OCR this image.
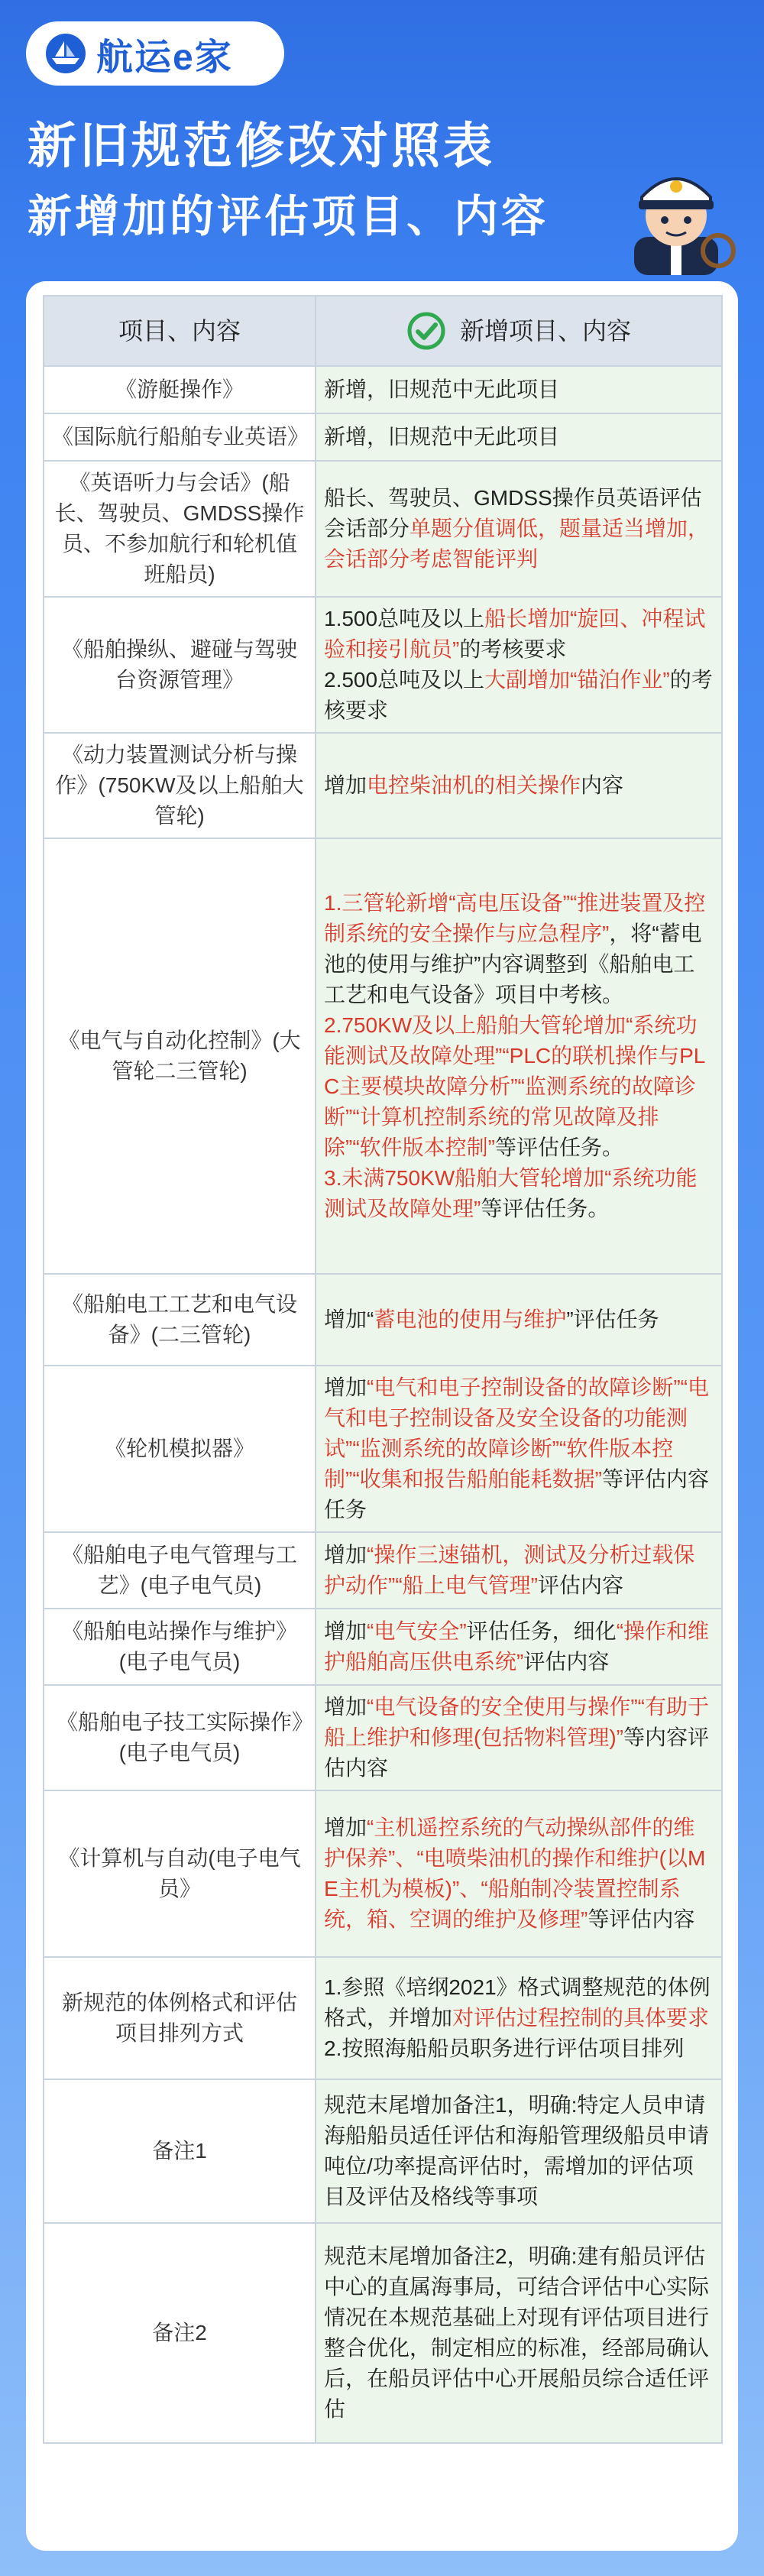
航运e家
新旧规范修改对照表
新增加的评估项目、内容
项目、内容	新增项目、内容

《游艇操作》	新增，旧规范中无此项目

《国际航行船舶专业英语》	新增，旧规范中无此项目

《英语听力与会话》(船长、驾驶员、GMDSS操作员、不参加航行和轮机值班船员)	船长、驾驶员、GMDSS操作员英语评估会话部分单题分值调低，题量适当增加，会话部分考虑智能评判

《船舶操纵、避碰与驾驶台资源管理》	1.500总吨及以上船长增加“旋回、冲程试验和接引航员”的考核要求
2.500总吨及以上大副增加“锚泊作业”的考核要求

《动力装置测试分析与操作》(750KW及以上船舶大管轮)	增加电控柴油机的相关操作内容

《电气与自动化控制》(大管轮二三管轮)	1.三管轮新增“高电压设备”“推进装置及控制系统的安全操作与应急程序”，将“蓄电池的使用与维护”内容调整到《船舶电工工艺和电气设备》项目中考核。
2.750KW及以上船舶大管轮增加“系统功能测试及故障处理”“PLC的联机操作与PLC主要模块故障分析”“监测系统的故障诊断”“计算机控制系统的常见故障及排除”“软件版本控制”等评估任务。
3.未满750KW船舶大管轮增加“系统功能测试及故障处理”等评估任务。

《船舶电工工艺和电气设备》(二三管轮)	增加“蓄电池的使用与维护”评估任务

《轮机模拟器》	增加“电气和电子控制设备的故障诊断”“电气和电子控制设备及安全设备的功能测试”“监测系统的故障诊断”“软件版本控制”“收集和报告船舶能耗数据”等评估内容任务

《船舶电子电气管理与工艺》(电子电气员)	增加“操作三速锚机，测试及分析过载保护动作”“船上电气管理”评估内容

《船舶电站操作与维护》(电子电气员)	增加“电气安全”评估任务，细化“操作和维护船舶高压供电系统”评估内容

《船舶电子技工实际操作》(电子电气员)	增加“电气设备的安全使用与操作”“有助于船上维护和修理(包括物料管理)”等内容评估内容

《计算机与自动(电子电气员》	增加“主机遥控系统的气动操纵部件的维护保养”、“电喷柴油机的操作和维护(以ME主机为模板)”、“船舶制冷装置控制系统，箱、空调的维护及修理”等评估内容

新规范的体例格式和评估项目排列方式	1.参照《培纲2021》格式调整规范的体例格式，并增加对评估过程控制的具体要求
2.按照海船船员职务进行评估项目排列

备注1	规范末尾增加备注1，明确:特定人员申请海船船员适任评估和海船管理级船员申请吨位/功率提高评估时，需增加的评估项目及评估及格线等事项

备注2	规范末尾增加备注2，明确:建有船员评估中心的直属海事局，可结合评估中心实际情况在本规范基础上对现有评估项目进行整合优化，制定相应的标准，经部局确认后，在船员评估中心开展船员综合适任评估
